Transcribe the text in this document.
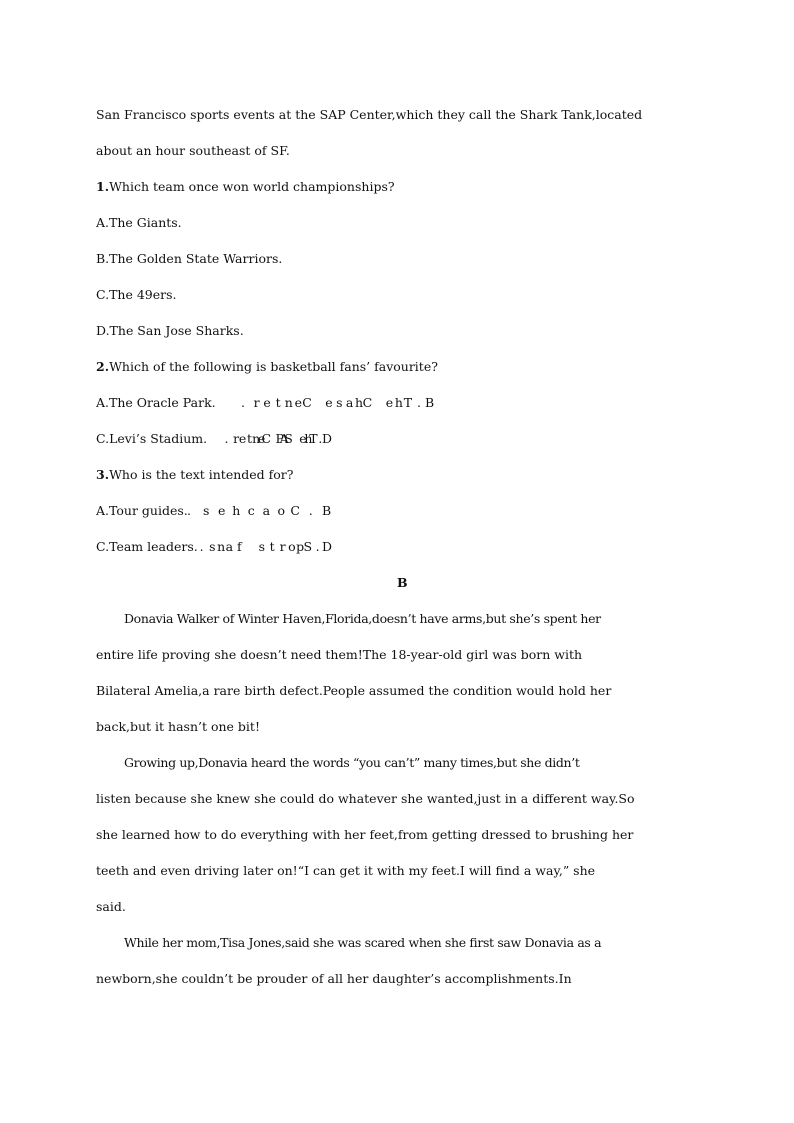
San Francisco sports events at the SAP Center,which they call the Shark Tank,located
about an hour southeast of SF.
1.Which team once won world championships?
A.The Giants.
B.The Golden State Warriors.
C.The 49ers.
D.The San Jose Sharks.
2.Which of the following is basketball fans’ favourite?
A.The Oracle Park.
C.Levi’s Stadium.
3.Who is the text intended for?
A.Tour guides.
C.Team leaders.
Donavia Walker of Winter Haven,Florida,doesn’t have arms,but she’s spent her
entire life proving she doesn’t need them!The 18-year-old girl was born with
Bilateral Amelia,a rare birth defect.People assumed the condition would hold her
back,but it hasn’t one bit!
Growing up,Donavia heard the words “you can’t” many times,but she didn’t
listen because she knew she could do whatever she wanted,just in a different way.So
she learned how to do everything with her feet,from getting dressed to brushing her
teeth and even driving later on!“I can get it with my feet.I will find a way,” she
said.
While her mom,Tisa Jones,said she was scared when she first saw Donavia as a
newborn,she couldn’t be prouder of all her daughter’s accomplishments.In
